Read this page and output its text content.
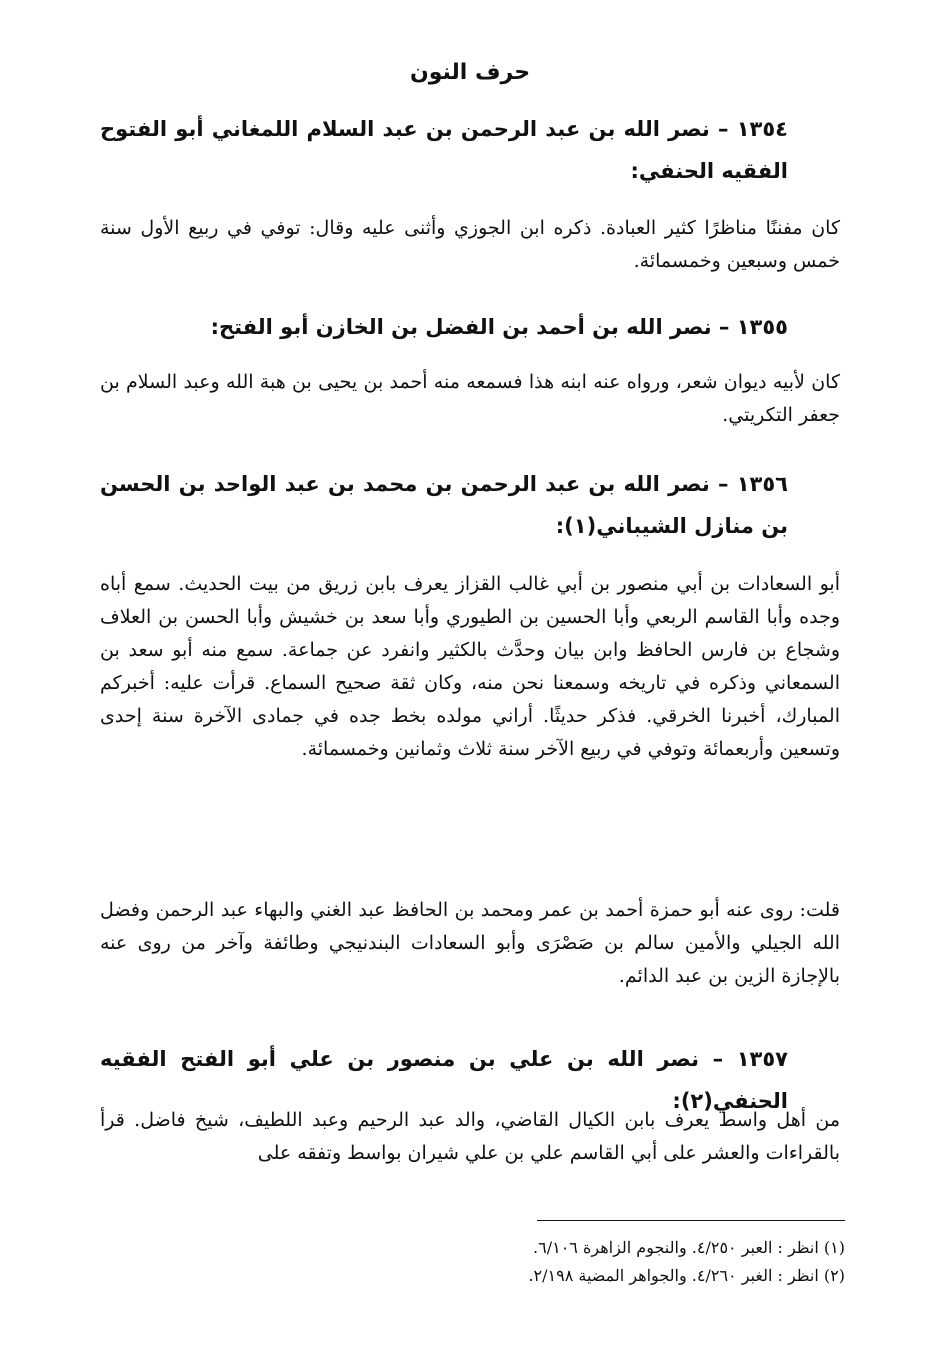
حرف النون
١٣٥٤ – نصر الله بن عبد الرحمن بن عبد السلام اللمغاني أبو الفتوح الفقيه الحنفي:
كان مفننًا مناظرًا كثير العبادة. ذكره ابن الجوزي وأثنى عليه وقال: توفي في ربيع الأول سنة خمس وسبعين وخمسمائة.
١٣٥٥ – نصر الله بن أحمد بن الفضل بن الخازن أبو الفتح:
كان لأبيه ديوان شعر، ورواه عنه ابنه هذا فسمعه منه أحمد بن يحيى بن هبة الله وعبد السلام بن جعفر التكريتي.
١٣٥٦ – نصر الله بن عبد الرحمن بن محمد بن عبد الواحد بن الحسن بن منازل الشيباني(١):
أبو السعادات بن أبي منصور بن أبي غالب القزاز يعرف بابن زريق من بيت الحديث. سمع أباه وجده وأبا القاسم الربعي وأبا الحسين بن الطيوري وأبا سعد بن خشيش وأبا الحسن بن العلاف وشجاع بن فارس الحافظ وابن بيان وحدَّث بالكثير وانفرد عن جماعة. سمع منه أبو سعد بن السمعاني وذكره في تاريخه وسمعنا نحن منه، وكان ثقة صحيح السماع. قرأت عليه: أخبركم المبارك، أخبرنا الخرقي. فذكر حديثًا. أراني مولده بخط جده في جمادى الآخرة سنة إحدى وتسعين وأربعمائة وتوفي في ربيع الآخر سنة ثلاث وثمانين وخمسمائة.
قلت: روى عنه أبو حمزة أحمد بن عمر ومحمد بن الحافظ عبد الغني والبهاء عبد الرحمن وفضل الله الجيلي والأمين سالم بن صَصْرَى وأبو السعادات البندنيجي وطائفة وآخر من روى عنه بالإجازة الزين بن عبد الدائم.
١٣٥٧ – نصر الله بن علي بن منصور بن علي أبو الفتح الفقيه الحنفي(٢):
من أهل واسط يعرف بابن الكيال القاضي، والد عبد الرحيم وعبد اللطيف، شيخ فاضل. قرأ بالقراءات والعشر على أبي القاسم علي بن علي شيران بواسط وتفقه على
(١) انظر : العبر ٤/٢٥٠. والنجوم الزاهرة ٦/١٠٦.
(٢) انظر : الغبر ٤/٢٦٠. والجواهر المضية ٢/١٩٨.
